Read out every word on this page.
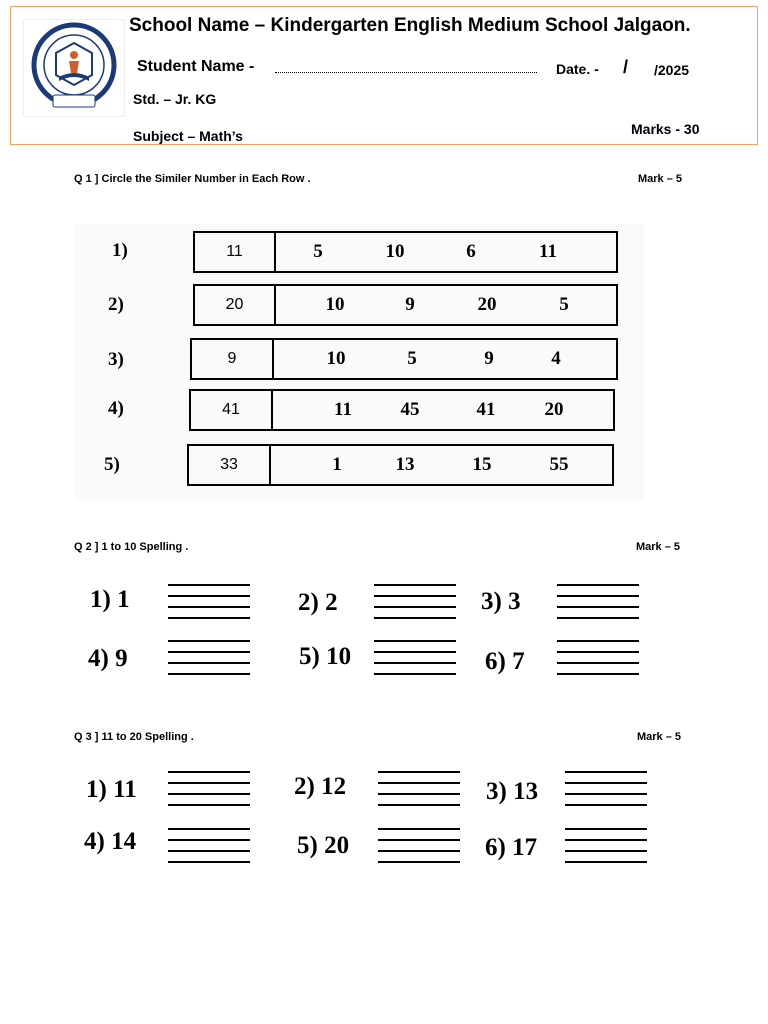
School Name – Kindergarten English Medium School Jalgaon.
Student Name -	Date. - / /2025
Std. – Jr. KG
Subject – Math’s	Marks - 30
Q 1 ] Circle the Similer Number in Each Row .	Mark – 5
1)	11	5	10	6	11
2)	20	10	9	20	5
3)	9	10	5	9	4
4)	41	11	45	41	20
5)	33	1	13	15	55
Q 2 ] 1 to 10 Spelling .	Mark – 5
1) 1	2) 2	3) 3
4) 9	5) 10	6) 7
Q 3 ] 11 to 20 Spelling .	Mark – 5
1) 11	2) 12	3) 13
4) 14	5) 20	6) 17
